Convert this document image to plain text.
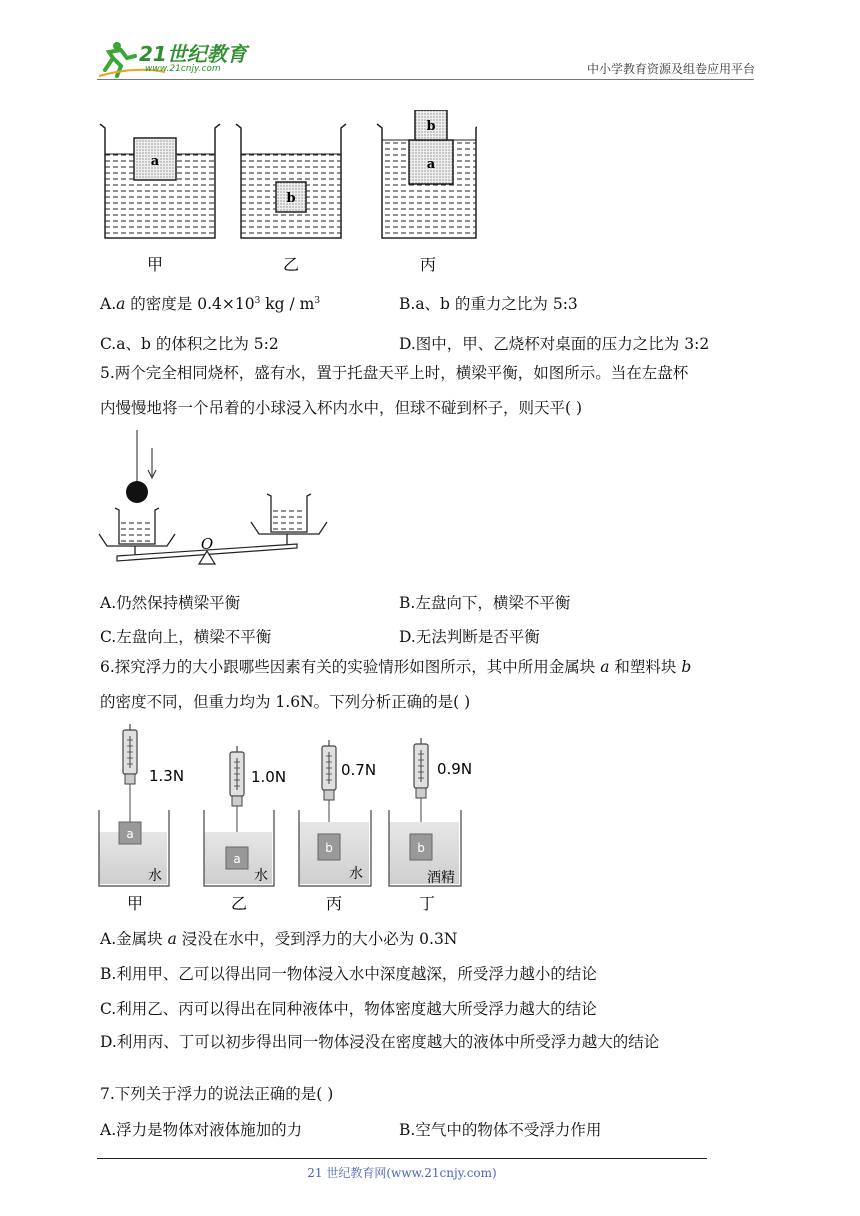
21世纪教育
www.21cnjy.com	中小学教育资源及组卷应用平台
a
b
a
b
甲	乙	丙
A.a 的密度是 $0.4\times 10^3$ kg / $m^3$	B.a、b 的重力之比为 5:3
C.a、b 的体积之比为 5:2	D.图中，甲、乙烧杯对桌面的压力之比为 3:2
5.两个完全相同烧杯，盛有水，置于托盘天平上时，横梁平衡，如图所示。当在左盘杯
内慢慢地将一个吊着的小球浸入杯内水中，但球不碰到杯子，则天平( )
O
A.仍然保持横梁平衡	B.左盘向下，横梁不平衡
C.左盘向上，横梁不平衡	D.无法判断是否平衡
6.探究浮力的大小跟哪些因素有关的实验情形如图所示，其中所用金属块 a 和塑料块 b
的密度不同，但重力均为 1.6N。下列分析正确的是( )
a
水
1.3N
a
水
1.0N
b
水
0.7N
b
酒精
0.9N
甲	乙	丙	丁
A.金属块 a 浸没在水中，受到浮力的大小必为 0.3N
B.利用甲、乙可以得出同一物体浸入水中深度越深，所受浮力越小的结论
C.利用乙、丙可以得出在同种液体中，物体密度越大所受浮力越大的结论
D.利用丙、丁可以初步得出同一物体浸没在密度越大的液体中所受浮力越大的结论
7.下列关于浮力的说法正确的是( )
A.浮力是物体对液体施加的力	B.空气中的物体不受浮力作用
21 世纪教育网(www.21cnjy.com)
